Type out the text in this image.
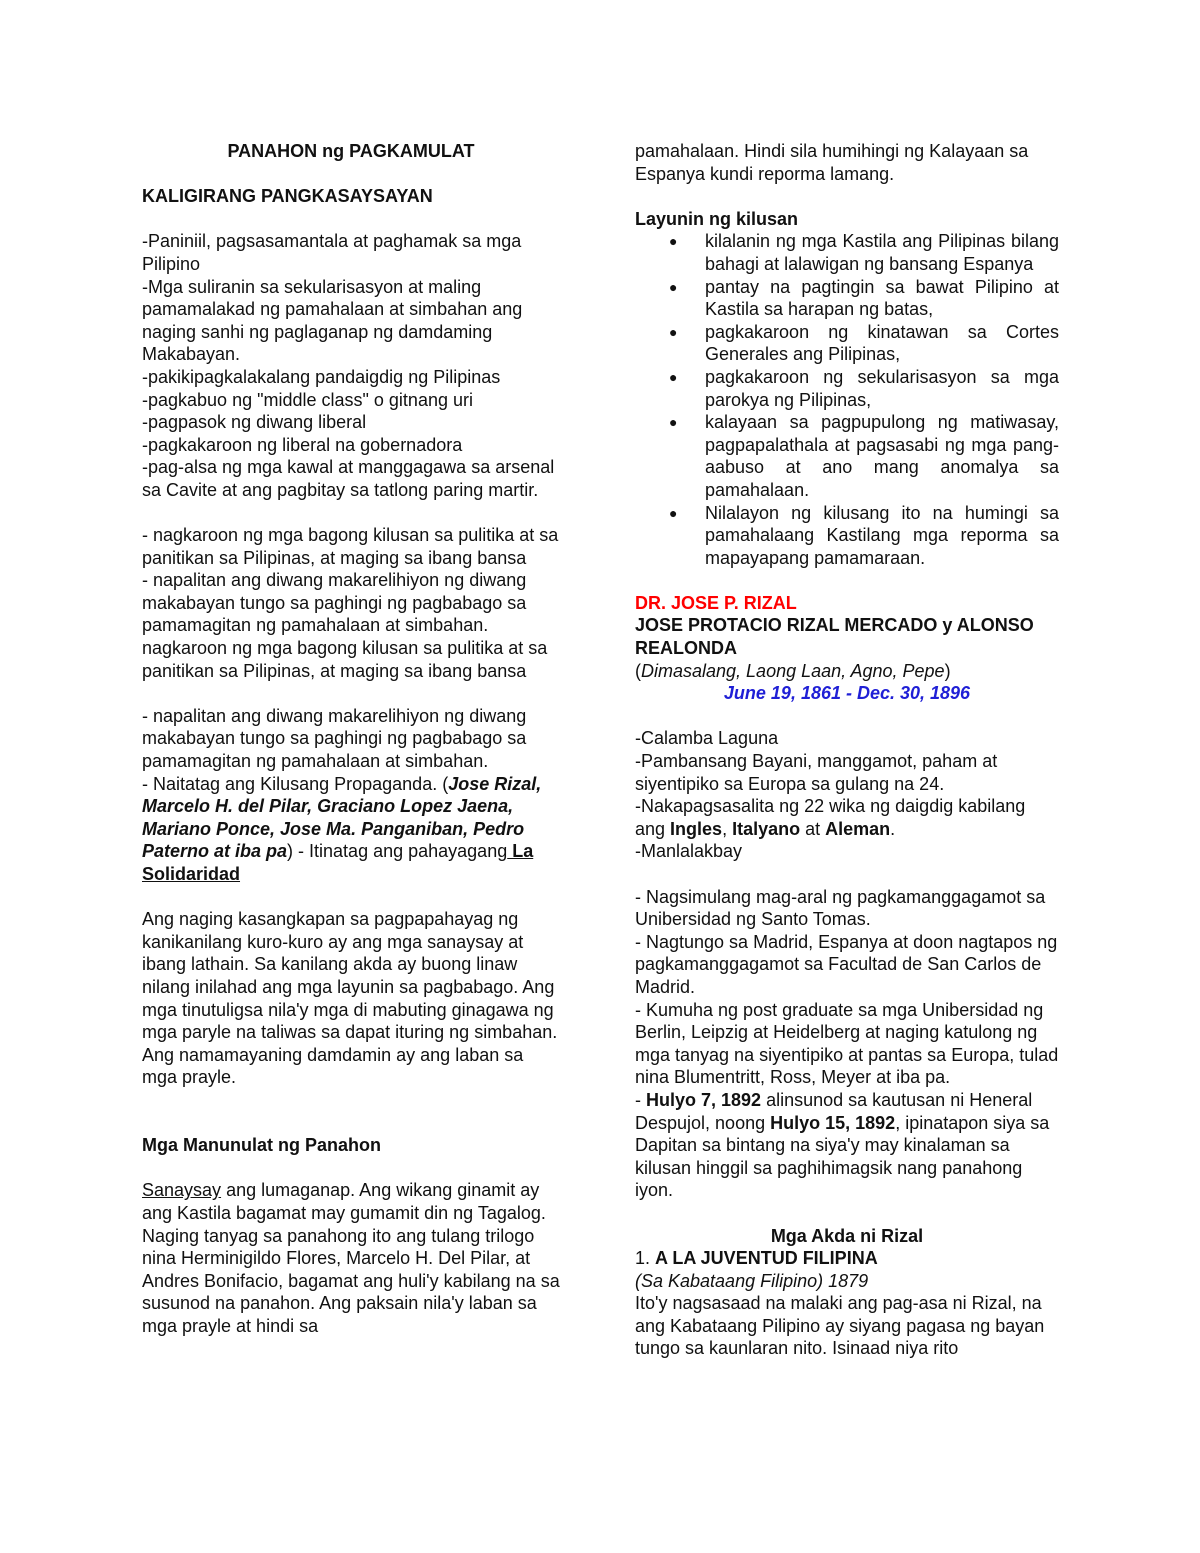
PANAHON ng PAGKAMULAT

KALIGIRANG PANGKASAYSAYAN

-Paniniil, pagsasamantala at paghamak sa mga Pilipino

-Mga suliranin sa sekularisasyon at maling pamamalakad ng pamahalaan at simbahan ang naging sanhi ng paglaganap ng damdaming Makabayan.

-pakikipagkalakalang pandaigdig ng Pilipinas

-pagkabuo ng "middle class" o gitnang uri

-pagpasok ng diwang liberal

-pagkakaroon ng liberal na gobernadora

-pag-alsa ng mga kawal at manggagawa sa arsenal sa Cavite at ang pagbitay sa tatlong paring martir.

- nagkaroon ng mga bagong kilusan sa pulitika at sa panitikan sa Pilipinas, at maging sa ibang bansa

- napalitan ang diwang makarelihiyon ng diwang makabayan tungo sa paghingi ng pagbabago sa pamamagitan ng pamahalaan at simbahan.

nagkaroon ng mga bagong kilusan sa pulitika at sa panitikan sa Pilipinas, at maging sa ibang bansa

- napalitan ang diwang makarelihiyon ng diwang makabayan tungo sa paghingi ng pagbabago sa pamamagitan ng pamahalaan at simbahan.

- Naitatag ang Kilusang Propaganda. (Jose Rizal, Marcelo H. del Pilar, Graciano Lopez Jaena, Mariano Ponce, Jose Ma. Panganiban, Pedro Paterno at iba pa) - Itinatag ang pahayagang La Solidaridad

Ang naging kasangkapan sa pagpapahayag ng kanikanilang kuro-kuro ay ang mga sanaysay at ibang lathain. Sa kanilang akda ay buong linaw nilang inilahad ang mga layunin sa pagbabago. Ang mga tinutuligsa nila'y mga di mabuting ginagawa ng mga paryle na taliwas sa dapat ituring ng simbahan. Ang namamayaning damdamin ay ang laban sa mga prayle.

Mga Manunulat ng Panahon

Sanaysay ang lumaganap. Ang wikang ginamit ay ang Kastila bagamat may gumamit din ng Tagalog. Naging tanyag sa panahong ito ang tulang trilogo nina Herminigildo Flores, Marcelo H. Del Pilar, at Andres Bonifacio, bagamat ang huli'y kabilang na sa susunod na panahon. Ang paksain nila'y laban sa mga prayle at hindi sa

pamahalaan. Hindi sila humihingi ng Kalayaan sa Espanya kundi reporma lamang.

Layunin ng kilusan

● kilalanin ng mga Kastila ang Pilipinas bilang bahagi at lalawigan ng bansang Espanya
● pantay na pagtingin sa bawat Pilipino at Kastila sa harapan ng batas,
● pagkakaroon ng kinatawan sa Cortes Generales ang Pilipinas,
● pagkakaroon ng sekularisasyon sa mga parokya ng Pilipinas,
● kalayaan sa pagpupulong ng matiwasay, pagpapalathala at pagsasabi ng mga pang-aabuso at ano mang anomalya sa pamahalaan.
● Nilalayon ng kilusang ito na humingi sa pamahalaang Kastilang mga reporma sa mapayapang pamamaraan.

DR. JOSE P. RIZAL

JOSE PROTACIO RIZAL MERCADO y ALONSO REALONDA

(Dimasalang, Laong Laan, Agno, Pepe)

June 19, 1861 - Dec. 30, 1896

-Calamba Laguna

-Pambansang Bayani, manggamot, paham at siyentipiko sa Europa sa gulang na 24.

-Nakapagsasalita ng 22 wika ng daigdig kabilang ang Ingles, Italyano at Aleman.

-Manlalakbay

- Nagsimulang mag-aral ng pagkamanggagamot sa Unibersidad ng Santo Tomas.

- Nagtungo sa Madrid, Espanya at doon nagtapos ng pagkamanggagamot sa Facultad de San Carlos de Madrid.

- Kumuha ng post graduate sa mga Unibersidad ng Berlin, Leipzig at Heidelberg at naging katulong ng mga tanyag na siyentipiko at pantas sa Europa, tulad nina Blumentritt, Ross, Meyer at iba pa.

- Hulyo 7, 1892 alinsunod sa kautusan ni Heneral Despujol, noong Hulyo 15, 1892, ipinatapon siya sa Dapitan sa bintang na siya'y may kinalaman sa kilusan hinggil sa paghihimagsik nang panahong iyon.

Mga Akda ni Rizal

1. A LA JUVENTUD FILIPINA

(Sa Kabataang Filipino) 1879

Ito'y nagsasaad na malaki ang pag-asa ni Rizal, na ang Kabataang Pilipino ay siyang pagasa ng bayan tungo sa kaunlaran nito. Isinaad niya rito
